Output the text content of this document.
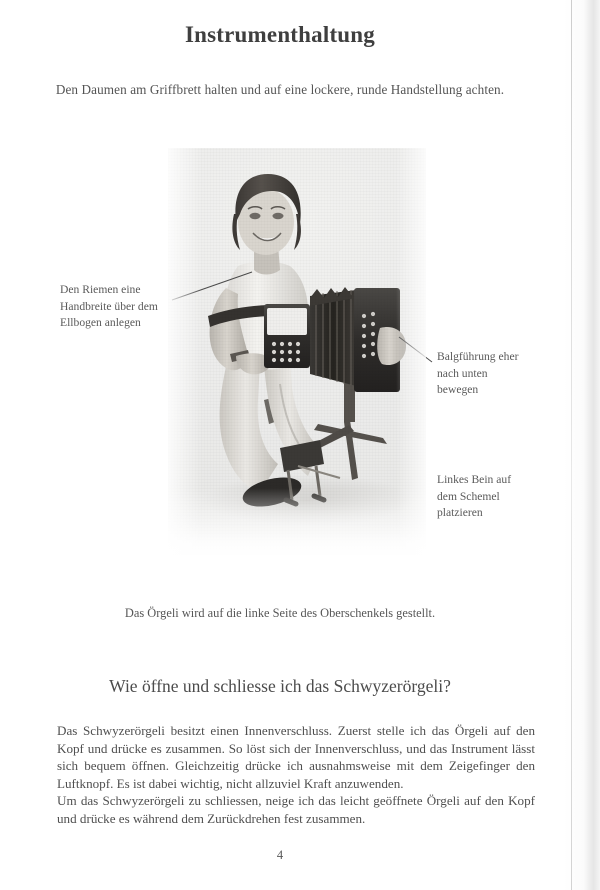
Instrumenthaltung
Den Daumen am Griffbrett halten und auf eine lockere, runde Handstellung achten.
Den Riemen eine
Handbreite über dem
Ellbogen anlegen
Balgführung eher
nach unten
bewegen
Linkes Bein auf
dem Schemel
platzieren
Das Örgeli wird auf die linke Seite des Oberschenkels gestellt.
Wie öffne und schliesse ich das Schwyzerörgeli?

Das Schwyzerörgeli besitzt einen Innenverschluss. Zuerst stelle ich das Örgeli auf den Kopf und drücke es zusammen. So löst sich der Innenverschluss, und das Instrument lässt sich bequem öffnen. Gleichzeitig drücke ich ausnahmsweise mit dem Zeigefinger den Luftknopf. Es ist dabei wichtig, nicht allzuviel Kraft anzuwenden.

Um das Schwyzerörgeli zu schliessen, neige ich das leicht geöffnete Örgeli auf den Kopf und drücke es während dem Zurückdrehen fest zusammen.

4
